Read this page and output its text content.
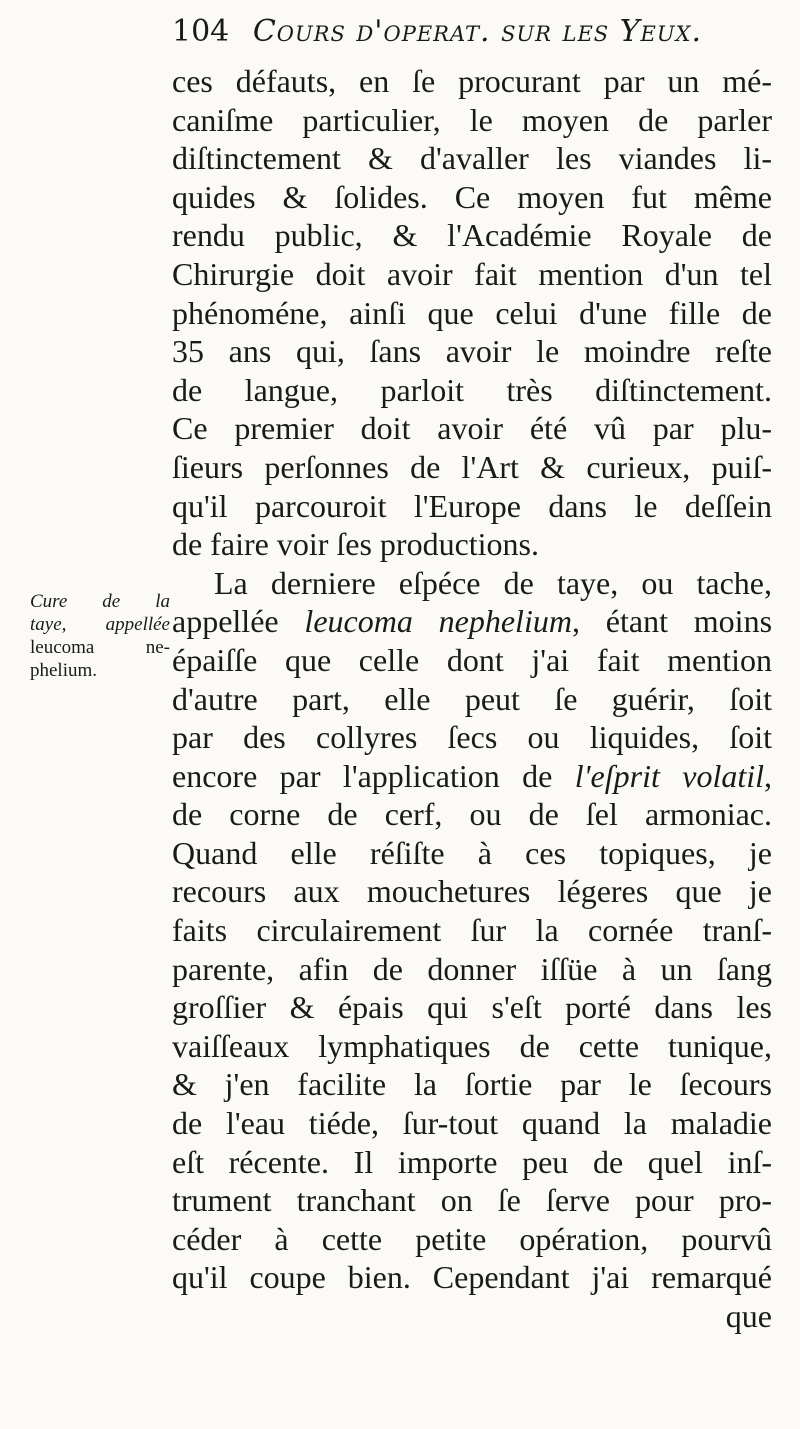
104 Cours d'operat. sur les Yeux.
Cure de la
taye, appellée
leucoma ne-
phelium.
ces défauts, en ſe procurant par un mé-
caniſme particulier, le moyen de parler
diſtinctement & d'avaller les viandes li-
quides & ſolides. Ce moyen fut même
rendu public, & l'Académie Royale de
Chirurgie doit avoir fait mention d'un tel
phénoméne, ainſi que celui d'une fille de
35 ans qui, ſans avoir le moindre reſte
de langue, parloit très diſtinctement.
Ce premier doit avoir été vû par plu-
ſieurs perſonnes de l'Art & curieux, puiſ-
qu'il parcouroit l'Europe dans le deſſein
de faire voir ſes productions.
La derniere eſpéce de taye, ou tache,
appellée leucoma nephelium, étant moins
épaiſſe que celle dont j'ai fait mention
d'autre part, elle peut ſe guérir, ſoit
par des collyres ſecs ou liquides, ſoit
encore par l'application de l'eſprit volatil,
de corne de cerf, ou de ſel armoniac.
Quand elle réſiſte à ces topiques, je
recours aux mouchetures légeres que je
faits circulairement ſur la cornée tranſ-
parente, afin de donner iſſüe à un ſang
groſſier & épais qui s'eſt porté dans les
vaiſſeaux lymphatiques de cette tunique,
& j'en facilite la ſortie par le ſecours
de l'eau tiéde, ſur-tout quand la maladie
eſt récente. Il importe peu de quel inſ-
trument tranchant on ſe ſerve pour pro-
céder à cette petite opération, pourvû
qu'il coupe bien. Cependant j'ai remarqué
que
